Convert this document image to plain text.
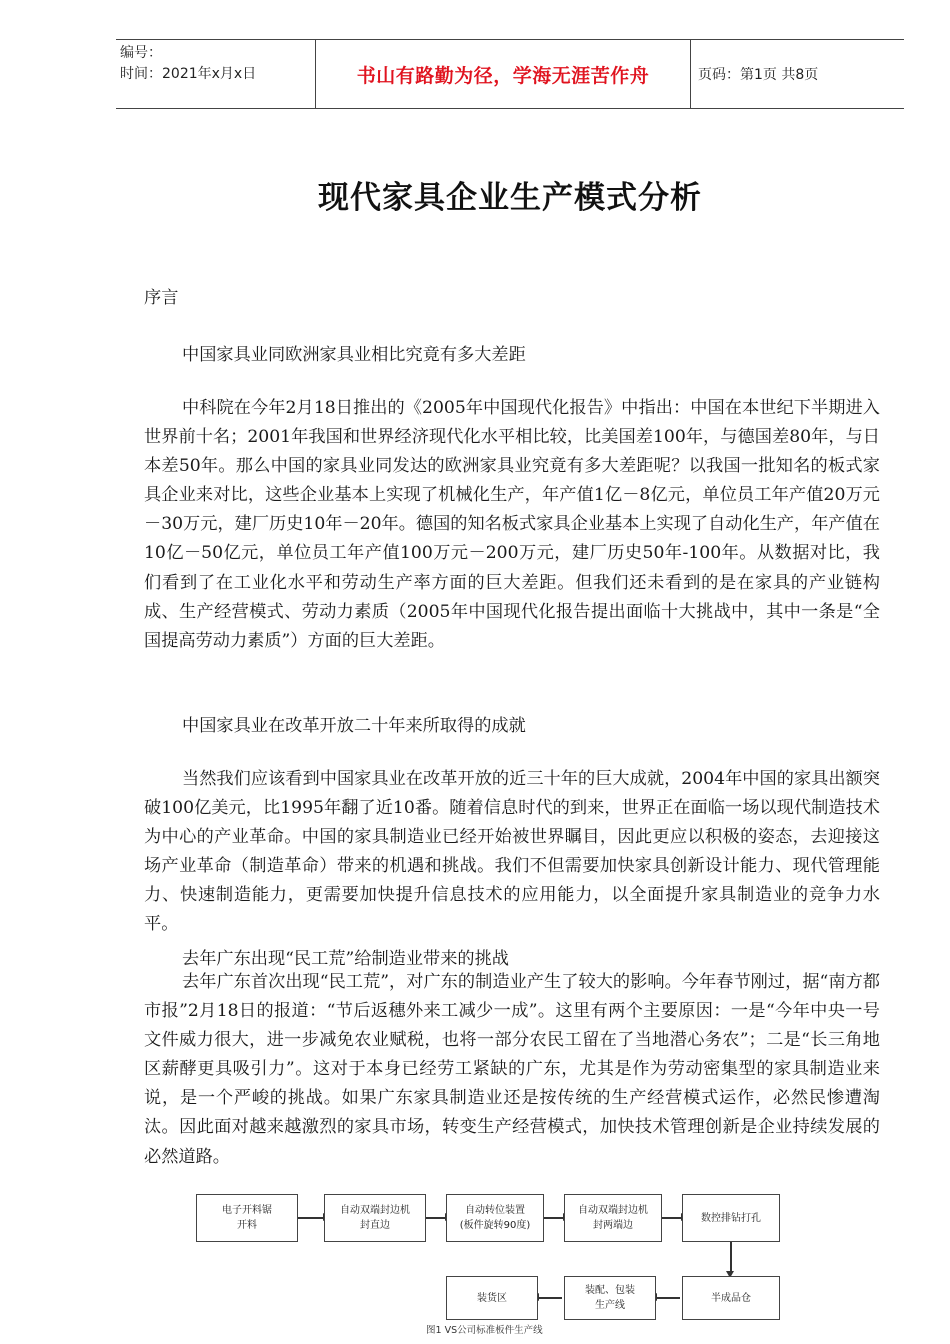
编号：
时间：2021年x月x日	书山有路勤为径，学海无涯苦作舟	页码：第1页 共8页
现代家具企业生产模式分析
序言
中国家具业同欧洲家具业相比究竟有多大差距
中科院在今年2月18日推出的《2005年中国现代化报告》中指出：中国在本世纪下半期进入世界前十名；2001年我国和世界经济现代化水平相比较，比美国差100年，与德国差80年，与日本差50年。那么中国的家具业同发达的欧洲家具业究竟有多大差距呢？以我国一批知名的板式家具企业来对比，这些企业基本上实现了机械化生产，年产值1亿－8亿元，单位员工年产值20万元－30万元，建厂历史10年－20年。德国的知名板式家具企业基本上实现了自动化生产，年产值在10亿－50亿元，单位员工年产值100万元－200万元，建厂历史50年-100年。从数据对比，我们看到了在工业化水平和劳动生产率方面的巨大差距。但我们还未看到的是在家具的产业链构成、生产经营模式、劳动力素质（2005年中国现代化报告提出面临十大挑战中，其中一条是“全国提高劳动力素质”）方面的巨大差距。
中国家具业在改革开放二十年来所取得的成就
当然我们应该看到中国家具业在改革开放的近三十年的巨大成就，2004年中国的家具出额突破100亿美元，比1995年翻了近10番。随着信息时代的到来，世界正在面临一场以现代制造技术为中心的产业革命。中国的家具制造业已经开始被世界瞩目，因此更应以积极的姿态，去迎接这场产业革命（制造革命）带来的机遇和挑战。我们不但需要加快家具创新设计能力、现代管理能力、快速制造能力，更需要加快提升信息技术的应用能力，以全面提升家具制造业的竞争力水平。
去年广东出现“民工荒”给制造业带来的挑战
去年广东首次出现“民工荒”，对广东的制造业产生了较大的影响。今年春节刚过，据“南方都市报”2月18日的报道：“节后返穗外来工减少一成”。这里有两个主要原因：一是“今年中央一号文件威力很大，进一步减免农业赋税，也将一部分农民工留在了当地潜心务农”；二是“长三角地区薪酵更具吸引力”。这对于本身已经劳工紧缺的广东，尤其是作为劳动密集型的家具制造业来说，是一个严峻的挑战。如果广东家具制造业还是按传统的生产经营模式运作，必然民惨遭淘汰。因此面对越来越激烈的家具市场，转变生产经营模式，加快技术管理创新是企业持续发展的必然道路。
电子开料锯
开料
自动双端封边机
封直边
自动转位装置
(板件旋转90度)
自动双端封边机
封两端边
数控排钻打孔
半成品仓
装配、包装
生产线
装货区
图1 VS公司标准板件生产线
